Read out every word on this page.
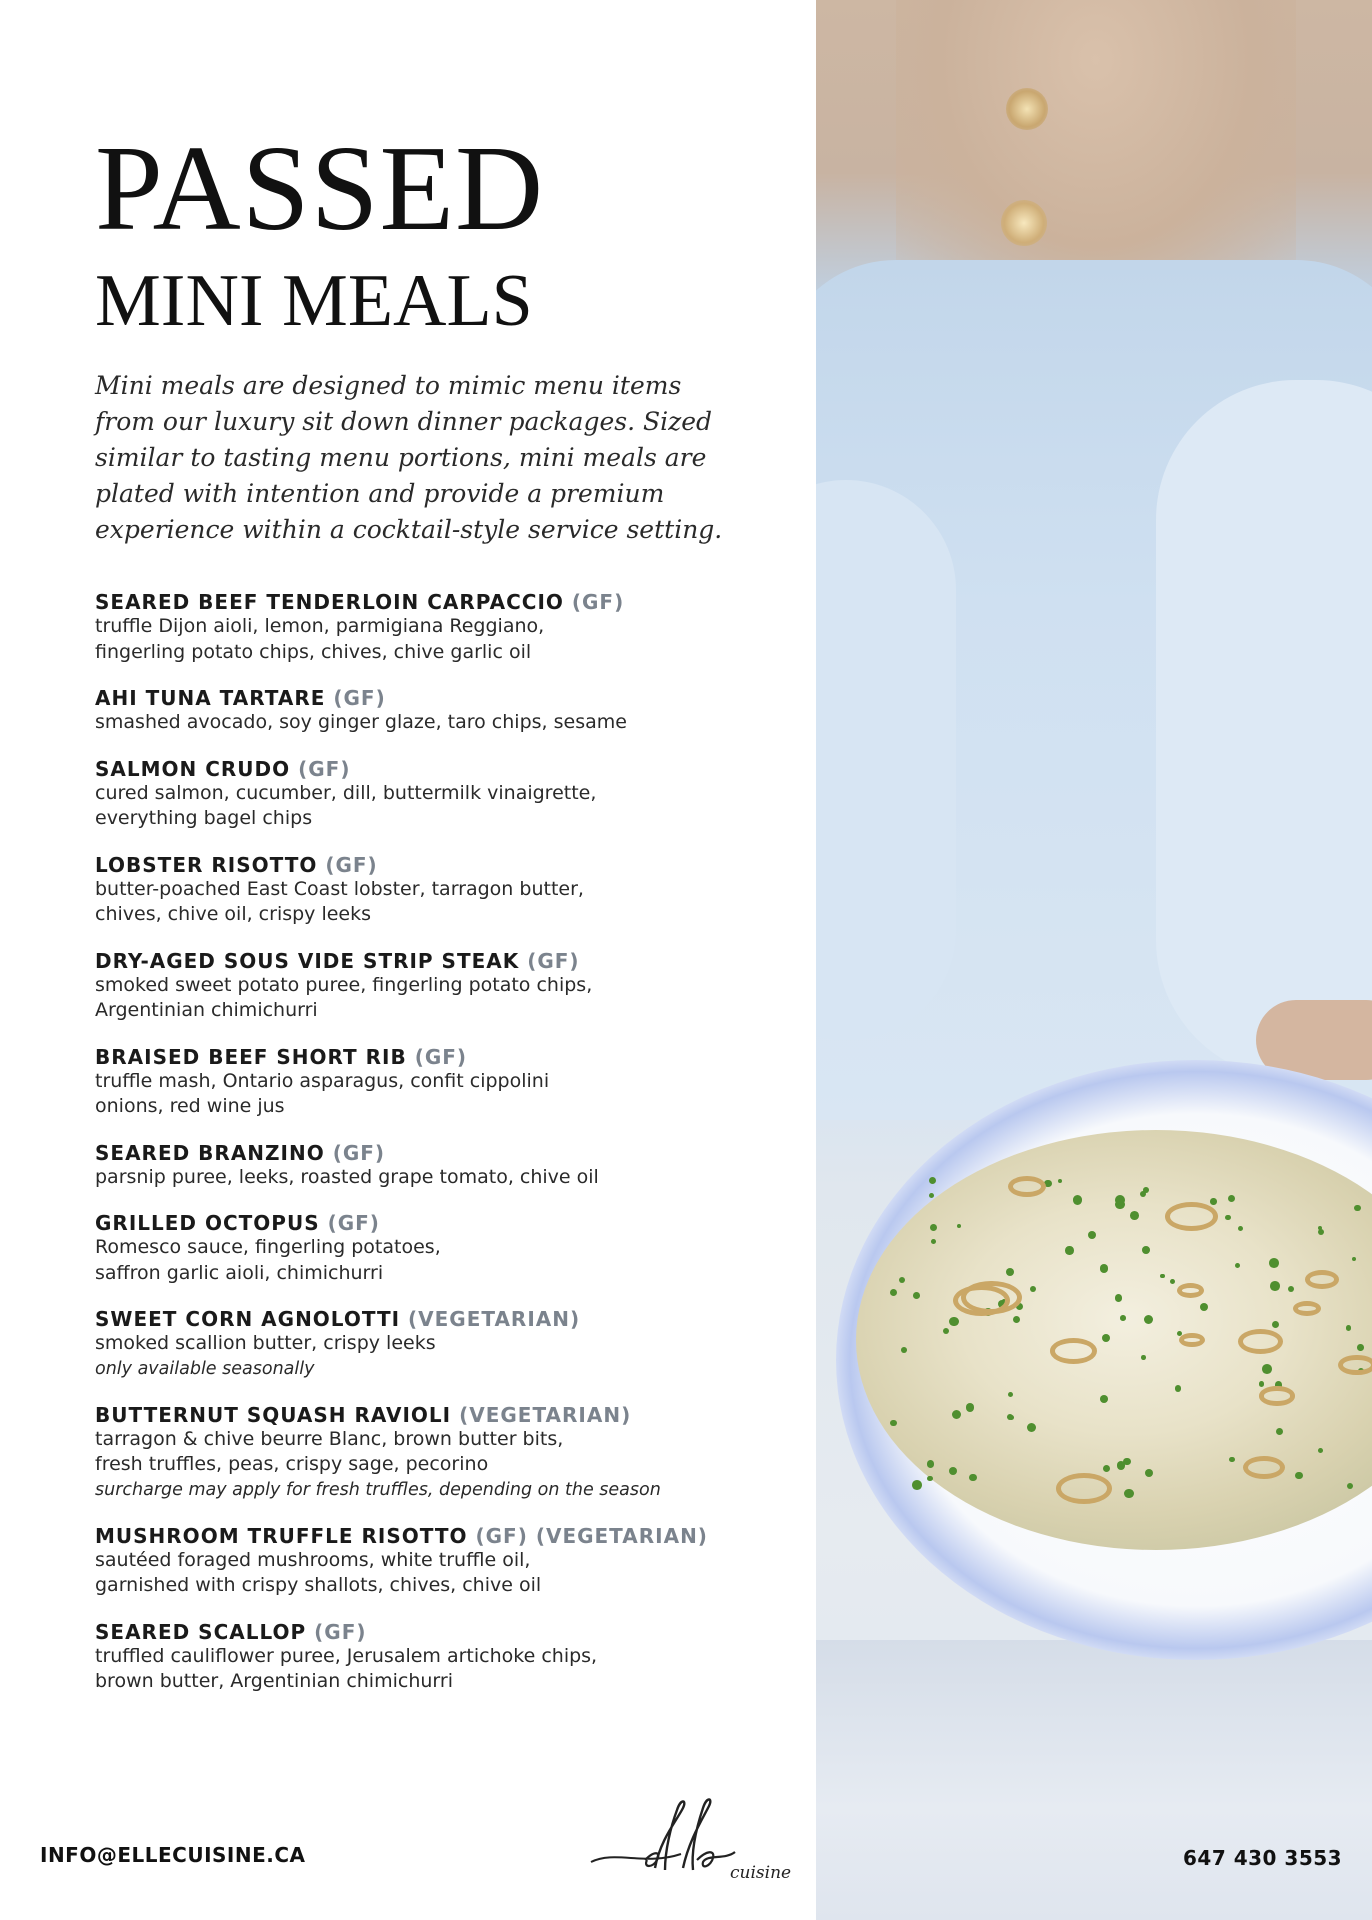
PASSED
MINI MEALS

Mini meals are designed to mimic menu items from our luxury sit down dinner packages. Sized similar to tasting menu portions, mini meals are plated with intention and provide a premium experience within a cocktail-style service setting.

SEARED BEEF TENDERLOIN CARPACCIO (GF)
truffle Dijon aioli, lemon, parmigiana Reggiano,
fingerling potato chips, chives, chive garlic oil
AHI TUNA TARTARE (GF)
smashed avocado, soy ginger glaze, taro chips, sesame
SALMON CRUDO (GF)
cured salmon, cucumber, dill, buttermilk vinaigrette,
everything bagel chips
LOBSTER RISOTTO (GF)
butter-poached East Coast lobster, tarragon butter,
chives, chive oil, crispy leeks
DRY-AGED SOUS VIDE STRIP STEAK (GF)
smoked sweet potato puree, fingerling potato chips,
Argentinian chimichurri
BRAISED BEEF SHORT RIB (GF)
truffle mash, Ontario asparagus, confit cippolini
onions, red wine jus
SEARED BRANZINO (GF)
parsnip puree, leeks, roasted grape tomato, chive oil
GRILLED OCTOPUS (GF)
Romesco sauce, fingerling potatoes,
saffron garlic aioli, chimichurri
SWEET CORN AGNOLOTTI (VEGETARIAN)
smoked scallion butter, crispy leeks
only available seasonally
BUTTERNUT SQUASH RAVIOLI (VEGETARIAN)
tarragon & chive beurre Blanc, brown butter bits,
fresh truffles, peas, crispy sage, pecorino
surcharge may apply for fresh truffles, depending on the season
MUSHROOM TRUFFLE RISOTTO (GF) (VEGETARIAN)
sautéed foraged mushrooms, white truffle oil,
garnished with crispy shallots, chives, chive oil
SEARED SCALLOP (GF)
truffled cauliflower puree, Jerusalem artichoke chips,
brown butter, Argentinian chimichurri
INFO@ELLECUISINE.CA
cuisine
647 430 3553
